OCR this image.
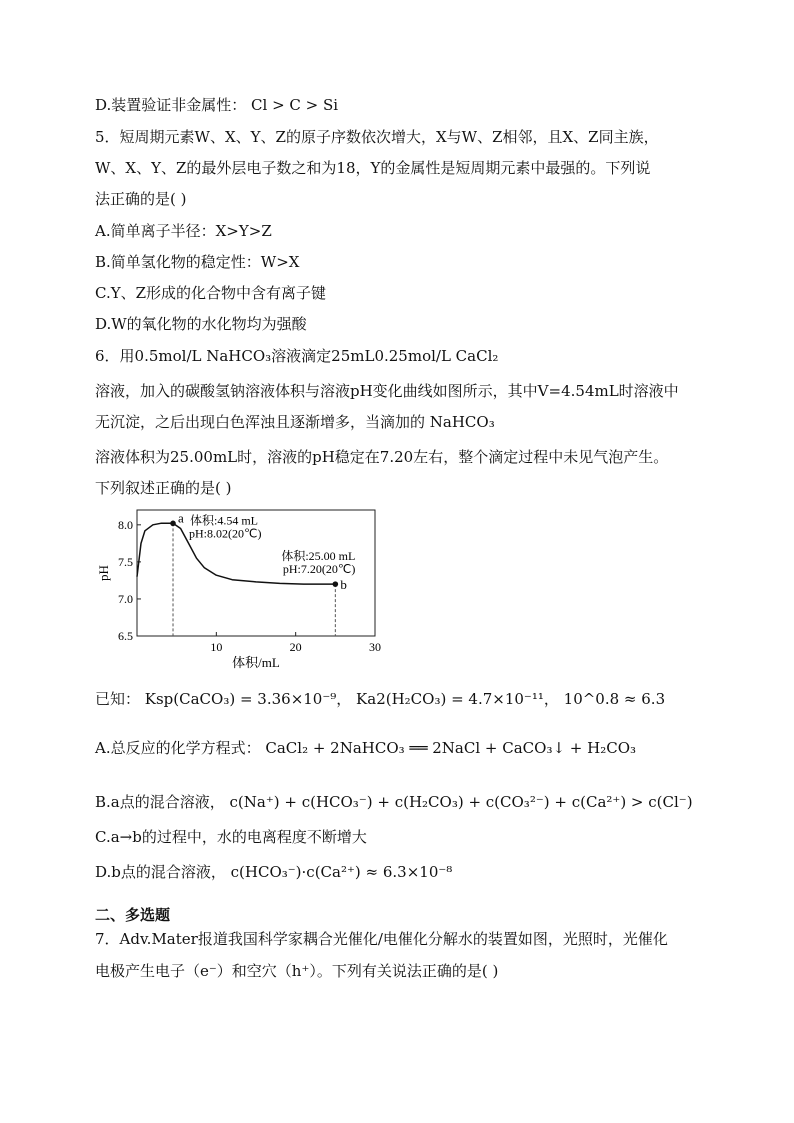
D.装置验证非金属性： Cl > C > Si
5．短周期元素W、X、Y、Z的原子序数依次增大，X与W、Z相邻，且X、Z同主族，
W、X、Y、Z的最外层电子数之和为18，Y的金属性是短周期元素中最强的。下列说
法正确的是( )
A.简单离子半径：X>Y>Z
B.简单氢化物的稳定性：W>X
C.Y、Z形成的化合物中含有离子键
D.W的氧化物的水化物均为强酸
6．用0.5mol/L NaHCO₃溶液滴定25mL0.25mol/L CaCl₂
溶液，加入的碳酸氢钠溶液体积与溶液pH变化曲线如图所示，其中V=4.54mL时溶液中
无沉淀，之后出现白色浑浊且逐渐增多，当滴加的 NaHCO₃
溶液体积为25.00mL时，溶液的pH稳定在7.20左右，整个滴定过程中未见气泡产生。
下列叙述正确的是( )
6.5
7.0
7.5
8.0
10	20	30
体积/mL
pH
a 体积:4.54 mL
pH:8.02(20℃)
b
体积:25.00 mL
pH:7.20(20℃)
已知： Ksp(CaCO₃) = 3.36×10⁻⁹， Ka2(H₂CO₃) = 4.7×10⁻¹¹， 10^0.8 ≈ 6.3
A.总反应的化学方程式： CaCl₂ + 2NaHCO₃ ══ 2NaCl + CaCO₃↓ + H₂CO₃
B.a点的混合溶液， c(Na⁺) + c(HCO₃⁻) + c(H₂CO₃) + c(CO₃²⁻) + c(Ca²⁺) > c(Cl⁻)
C.a→b的过程中，水的电离程度不断增大
D.b点的混合溶液， c(HCO₃⁻)·c(Ca²⁺) ≈ 6.3×10⁻⁸
二、多选题
7．Adv.Mater报道我国科学家耦合光催化/电催化分解水的装置如图，光照时，光催化
电极产生电子（e⁻）和空穴（h⁺）。下列有关说法正确的是( )
